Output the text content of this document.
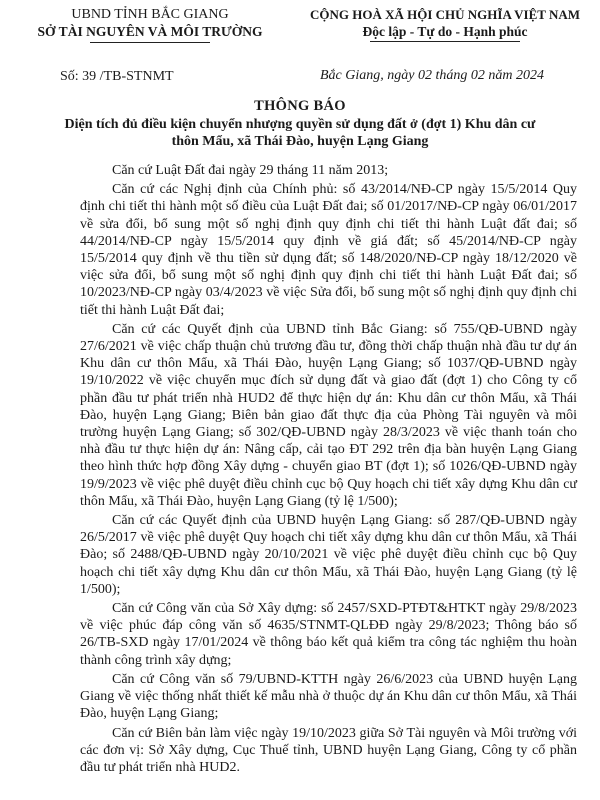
UBND TỈNH BẮC GIANG
SỞ TÀI NGUYÊN VÀ MÔI TRƯỜNG
CỘNG HOÀ XÃ HỘI CHỦ NGHĨA VIỆT NAM
Độc lập - Tự do - Hạnh phúc
Số: 39 /TB-STNMT	Bắc Giang, ngày 02 tháng 02 năm 2024
THÔNG BÁO
Diện tích đủ điều kiện chuyển nhượng quyền sử dụng đất ở (đợt 1) Khu dân cư thôn Mẩu, xã Thái Đào, huyện Lạng Giang

Căn cứ Luật Đất đai ngày 29 tháng 11 năm 2013;

Căn cứ các Nghị định của Chính phủ: số 43/2014/NĐ-CP ngày 15/5/2014 Quy định chi tiết thi hành một số điều của Luật Đất đai; số 01/2017/NĐ-CP ngày 06/01/2017 về sửa đổi, bổ sung một số nghị định quy định chi tiết thi hành Luật đất đai; số 44/2014/NĐ-CP ngày 15/5/2014 quy định về giá đất; số 45/2014/NĐ-CP ngày 15/5/2014 quy định về thu tiền sử dụng đất; số 148/2020/NĐ-CP ngày 18/12/2020 về việc sửa đổi, bổ sung một số nghị định quy định chi tiết thi hành Luật Đất đai; số 10/2023/NĐ-CP ngày 03/4/2023 về việc Sửa đổi, bổ sung một số nghị định quy định chi tiết thi hành Luật Đất đai;

Căn cứ các Quyết định của UBND tỉnh Bắc Giang: số 755/QĐ-UBND ngày 27/6/2021 về việc chấp thuận chủ trương đầu tư, đồng thời chấp thuận nhà đầu tư dự án Khu dân cư thôn Mẩu, xã Thái Đào, huyện Lạng Giang; số 1037/QĐ-UBND ngày 19/10/2022 về việc chuyển mục đích sử dụng đất và giao đất (đợt 1) cho Công ty cổ phần đầu tư phát triển nhà HUD2 để thực hiện dự án: Khu dân cư thôn Mẩu, xã Thái Đào, huyện Lạng Giang; Biên bản giao đất thực địa của Phòng Tài nguyên và môi trường huyện Lạng Giang; số 302/QĐ-UBND ngày 28/3/2023 về việc thanh toán cho nhà đầu tư thực hiện dự án: Nâng cấp, cải tạo ĐT 292 trên địa bàn huyện Lạng Giang theo hình thức hợp đồng Xây dựng - chuyển giao BT (đợt 1); số 1026/QĐ-UBND ngày 19/9/2023 về việc phê duyệt điều chỉnh cục bộ Quy hoạch chi tiết xây dựng Khu dân cư thôn Mẩu, xã Thái Đào, huyện Lạng Giang (tỷ lệ 1/500);

Căn cứ các Quyết định của UBND huyện Lạng Giang: số 287/QĐ-UBND ngày 26/5/2017 về việc phê duyệt Quy hoạch chi tiết xây dựng khu dân cư thôn Mẩu, xã Thái Đào; số 2488/QĐ-UBND ngày 20/10/2021 về việc phê duyệt điều chỉnh cục bộ Quy hoạch chi tiết xây dựng Khu dân cư thôn Mẩu, xã Thái Đào, huyện Lạng Giang (tỷ lệ 1/500);

Căn cứ Công văn của Sở Xây dựng: số 2457/SXD-PTĐT&HTKT ngày 29/8/2023 về việc phúc đáp công văn số 4635/STNMT-QLĐĐ ngày 29/8/2023; Thông báo số 26/TB-SXD ngày 17/01/2024 về thông báo kết quả kiểm tra công tác nghiệm thu hoàn thành công trình xây dựng;

Căn cứ Công văn số 79/UBND-KTTH ngày 26/6/2023 của UBND huyện Lạng Giang về việc thống nhất thiết kế mẫu nhà ở thuộc dự án Khu dân cư thôn Mẩu, xã Thái Đào, huyện Lạng Giang;

Căn cứ Biên bản làm việc ngày 19/10/2023 giữa Sở Tài nguyên và Môi trường với các đơn vị: Sở Xây dựng, Cục Thuế tỉnh, UBND huyện Lạng Giang, Công ty cổ phần đầu tư phát triển nhà HUD2.
